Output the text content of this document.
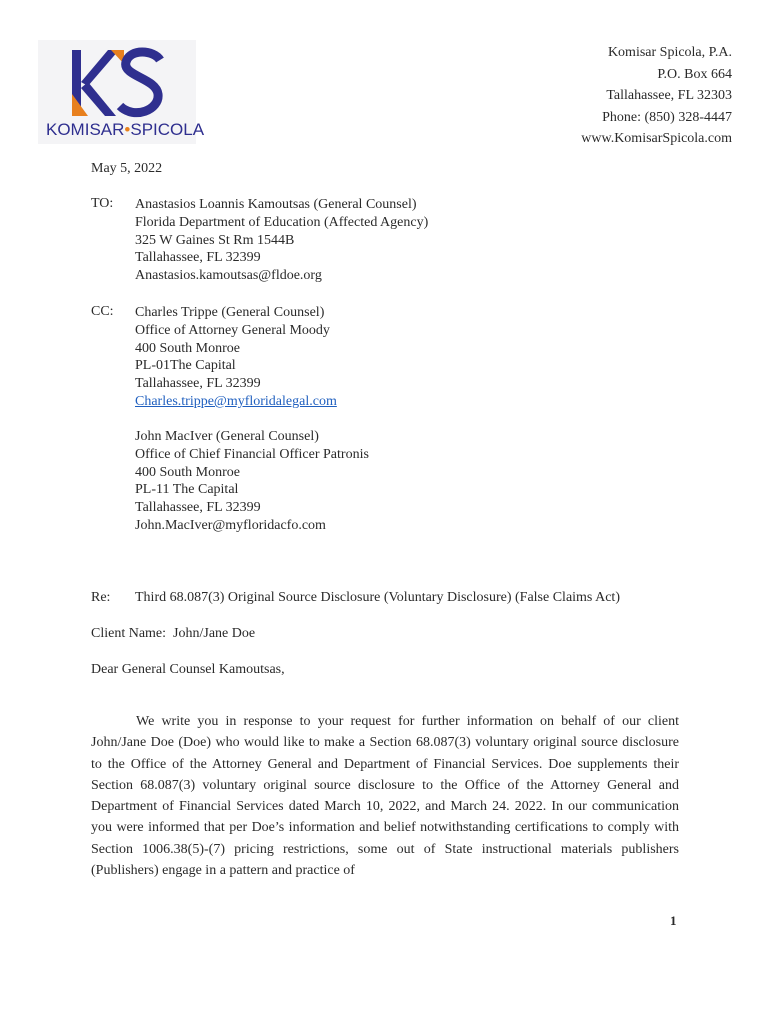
KOMISAR•SPICOLA
Komisar Spicola, P.A.
P.O. Box 664
Tallahassee, FL 32303
Phone: (850) 328-4447
www.KomisarSpicola.com
May 5, 2022
TO: Anastasios Loannis Kamoutsas (General Counsel)
Florida Department of Education (Affected Agency)
325 W Gaines St Rm 1544B
Tallahassee, FL 32399
Anastasios.kamoutsas@fldoe.org
CC: Charles Trippe (General Counsel)
Office of Attorney General Moody
400 South Monroe
PL-01The Capital
Tallahassee, FL 32399
Charles.trippe@myfloridalegal.com
John MacIver (General Counsel)
Office of Chief Financial Officer Patronis
400 South Monroe
PL-11 The Capital
Tallahassee, FL 32399
John.MacIver@myfloridacfo.com
Re: Third 68.087(3) Original Source Disclosure (Voluntary Disclosure) (False Claims Act)
Client Name: John/Jane Doe
Dear General Counsel Kamoutsas,
We write you in response to your request for further information on behalf of our client John/Jane Doe (Doe) who would like to make a Section 68.087(3) voluntary original source disclosure to the Office of the Attorney General and Department of Financial Services. Doe supplements their Section 68.087(3) voluntary original source disclosure to the Office of the Attorney General and Department of Financial Services dated March 10, 2022, and March 24. 2022. In our communication you were informed that per Doe’s information and belief notwithstanding certifications to comply with Section 1006.38(5)-(7) pricing restrictions, some out of State instructional materials publishers (Publishers) engage in a pattern and practice of
1
